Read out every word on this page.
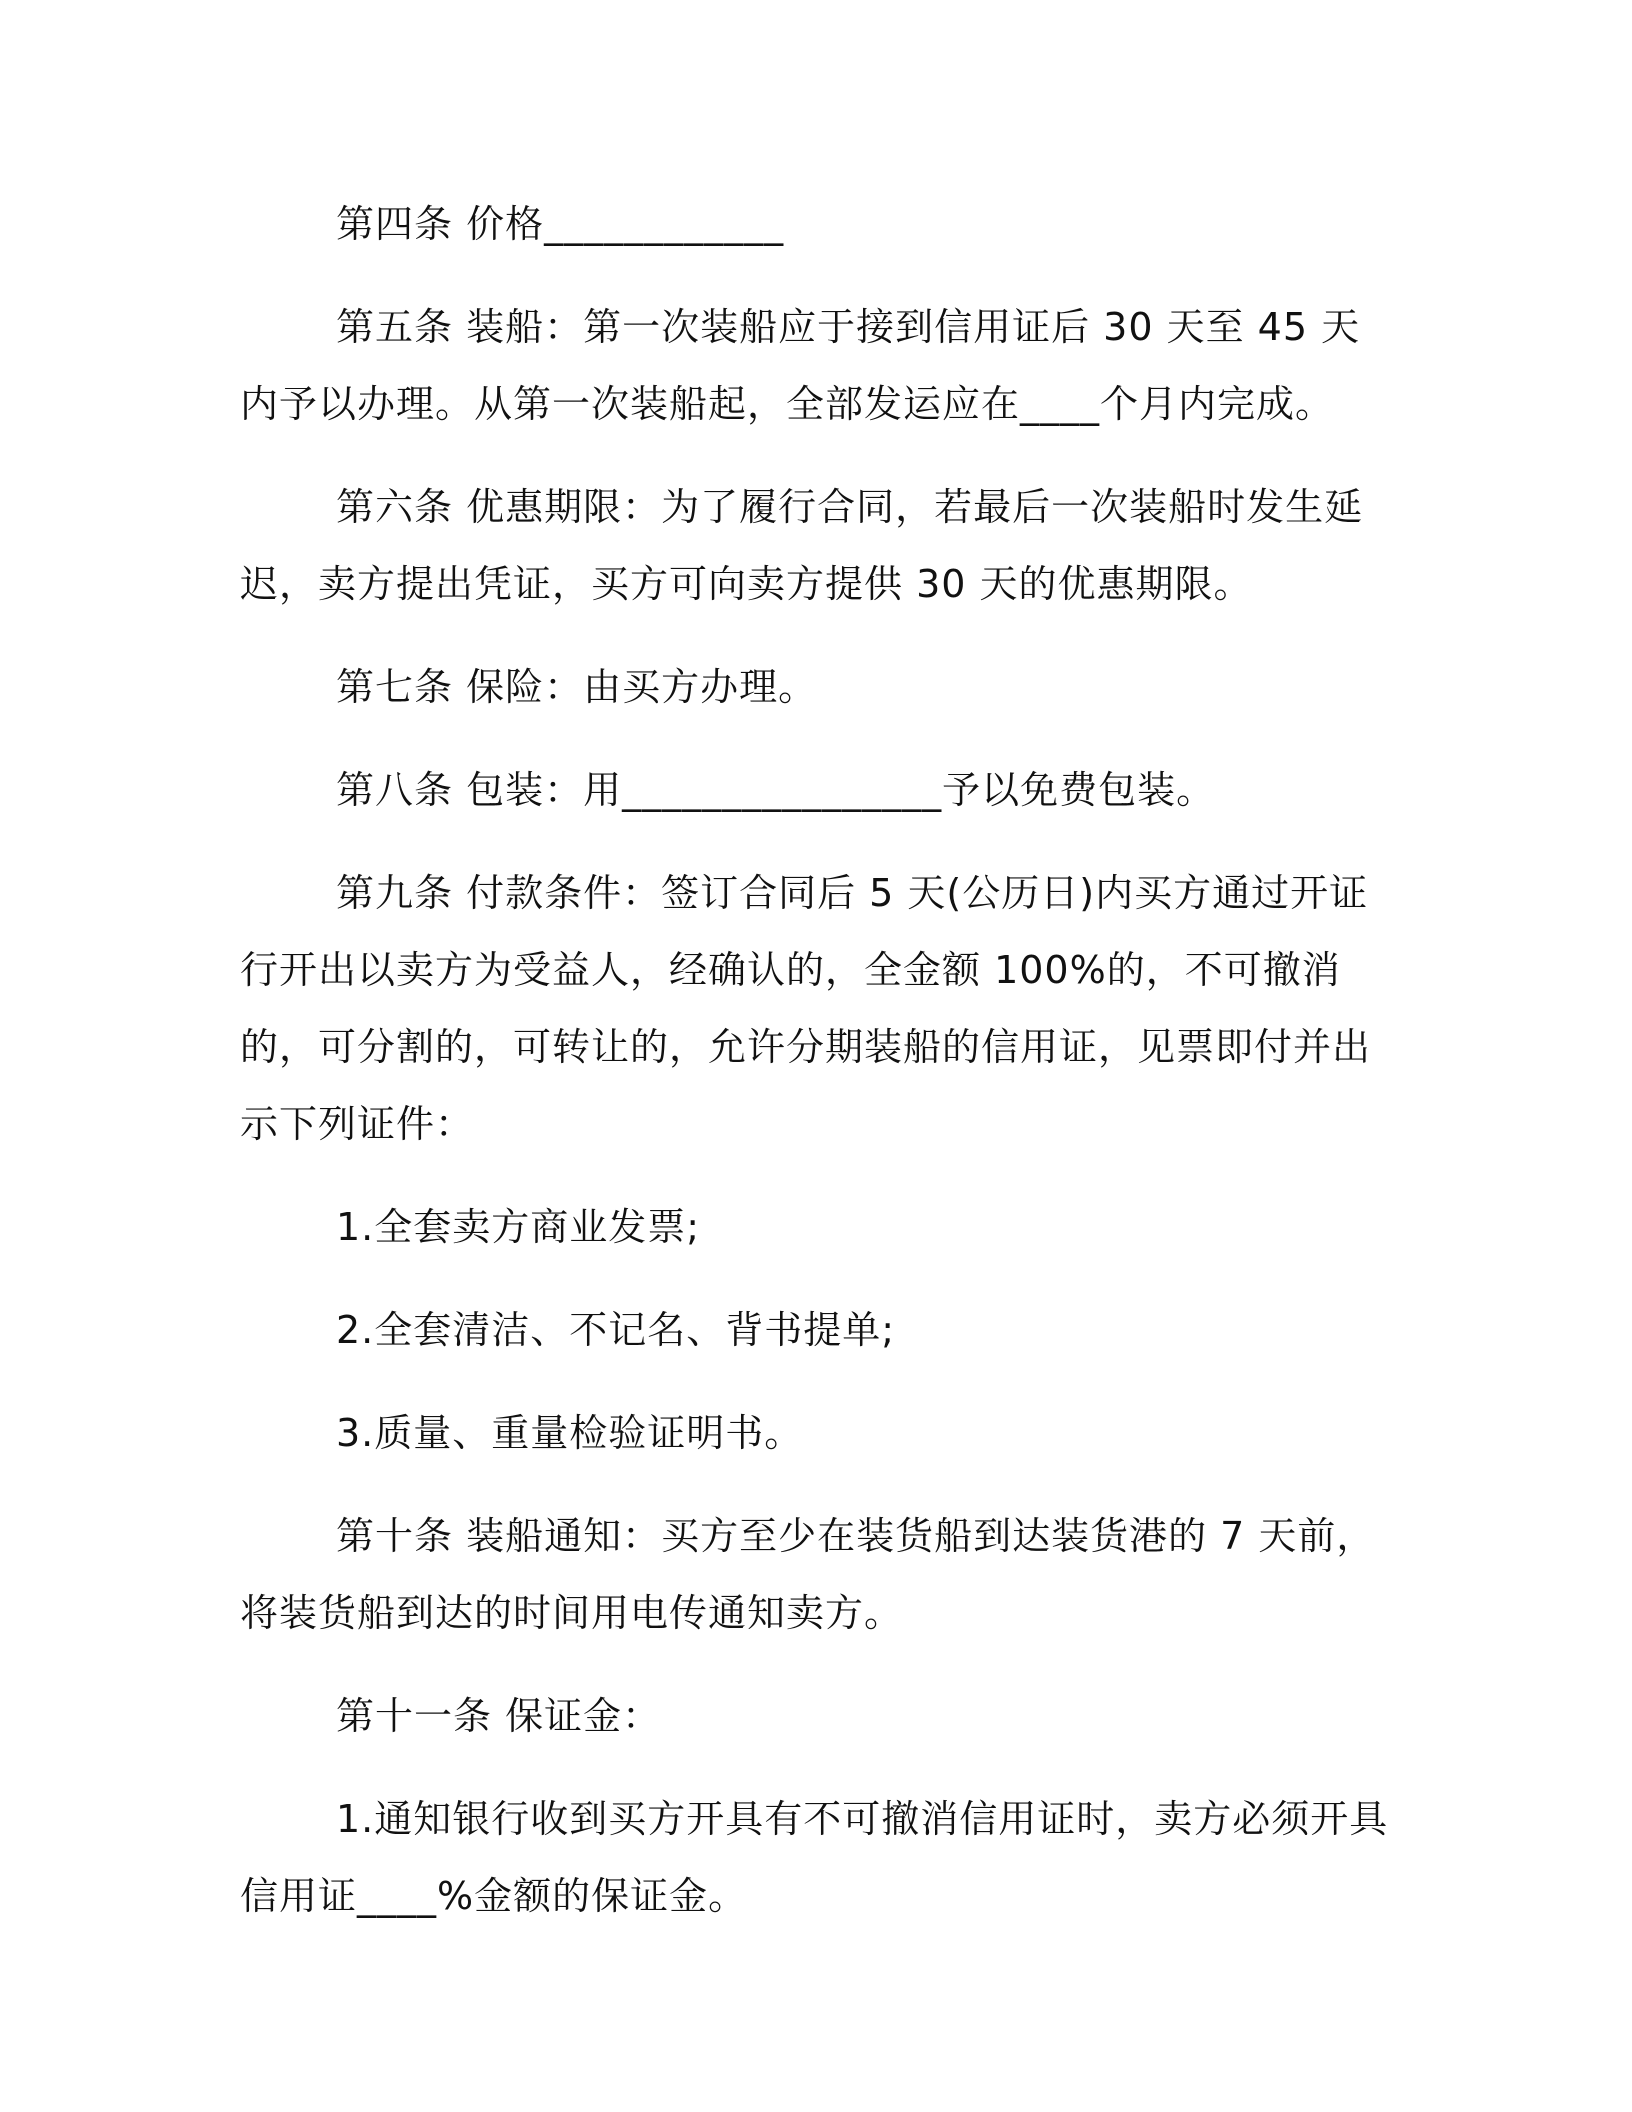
第四条 价格____________

第五条 装船：第一次装船应于接到信用证后 30 天至 45 天内予以办理。从第一次装船起，全部发运应在____个月内完成。

第六条 优惠期限：为了履行合同，若最后一次装船时发生延迟，卖方提出凭证，买方可向卖方提供 30 天的优惠期限。

第七条 保险：由买方办理。

第八条 包装：用________________予以免费包装。

第九条 付款条件：签订合同后 5 天(公历日)内买方通过开证行开出以卖方为受益人，经确认的，全金额 100%的，不可撤消的，可分割的，可转让的，允许分期装船的信用证，见票即付并出示下列证件：

1.全套卖方商业发票;

2.全套清洁、不记名、背书提单;

3.质量、重量检验证明书。

第十条 装船通知：买方至少在装货船到达装货港的 7 天前，将装货船到达的时间用电传通知卖方。

第十一条 保证金：

1.通知银行收到买方开具有不可撤消信用证时，卖方必须开具信用证____%金额的保证金。
